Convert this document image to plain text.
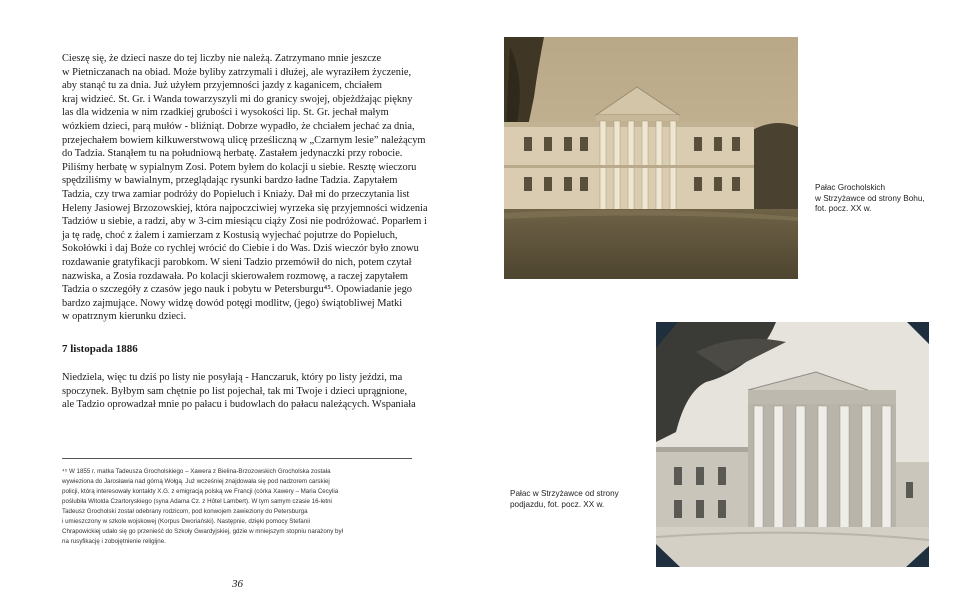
Cieszę się, że dzieci nasze do tej liczby nie należą. Zatrzymano mnie jeszcze
w Pietniczanach na obiad. Może byliby zatrzymali i dłużej, ale wyraziłem życzenie,
aby stanąć tu za dnia. Już użyłem przyjemności jazdy z kaganicem, chciałem
kraj widzieć. St. Gr. i Wanda towarzyszyli mi do granicy swojej, objeżdżając piękny
las dla widzenia w nim rzadkiej grubości i wysokości lip. St. Gr. jechał małym
wózkiem dzieci, parą mułów - bliźniąt. Dobrze wypadło, że chciałem jechać za dnia,
przejechałem bowiem kilkuwerstwową ulicę prześliczną w „Czarnym lesie” należącym
do Tadzia. Stanąłem tu na południową herbatę. Zastałem jedynaczki przy robocie.
Piliśmy herbatę w sypialnym Zosi. Potem byłem do kolacji u siebie. Resztę wieczoru
spędziliśmy w bawialnym, przeglądając rysunki bardzo ładne Tadzia. Zapytałem
Tadzia, czy trwa zamiar podróży do Popieluch i Kniaży. Dał mi do przeczytania list
Heleny Jasiowej Brzozowskiej, która najpoczciwiej wyrzeka się przyjemności widzenia
Tadziów u siebie, a radzi, aby w 3-cim miesiącu ciąży Zosi nie podróżować. Poparłem i
ja tę radę, choć z żalem i zamierzam z Kostusią wyjechać pojutrze do Popieluch,
Sokołówki i daj Boże co rychlej wrócić do Ciebie i do Was. Dziś wieczór było znowu
rozdawanie gratyfikacji parobkom. W sieni Tadzio przemówił do nich, potem czytał
nazwiska, a Zosia rozdawała. Po kolacji skierowałem rozmowę, a raczej zapytałem
Tadzia o szczegóły z czasów jego nauk i pobytu w Petersburgu⁴⁵. Opowiadanie jego
bardzo zajmujące. Nowy widzę dowód potęgi modlitw, (jego) świątobliwej Matki
w opatrznym kierunku dzieci.
7 listopada 1886
Niedziela, więc tu dziś po listy nie posyłają - Hanczaruk, który po listy jeździ, ma
spoczynek. Byłbym sam chętnie po list pojechał, tak mi Twoje i dzieci uprągnione,
ale Tadzio oprowadzał mnie po pałacu i budowlach do pałacu należących. Wspaniała
⁴⁵ W 1855 r. matka Tadeusza Grocholskiego – Xawera z Bielina-Brzozowskich Grocholska została
wywieziona do Jarosławia nad górną Wołgą. Już wcześniej znajdowała się pod nadzorem carskiej
policji, którą interesowały kontakty X.G. z emigracją polską we Francji (córka Xawery – Maria Cecylia
poślubiła Witolda Czartoryskiego (syna Adama Cz. z Hôtel Lambert). W tym samym czasie 16-letni
Tadeusz Grocholski został odebrany rodzicom, pod konwojem zawieziony do Petersburga
i umieszczony w szkole wojskowej (Korpus Dworiański). Następnie, dzięki pomocy Stefanii
Chrapowickiej udało się go przenieść do Szkoły Gwardyjskiej, gdzie w mniejszym stopniu narażony był
na rusyfikację i zobojętnienie religijne.
36
Pałac Grocholskich
w Strzyżawce od strony Bohu,
fot. pocz. XX w.
Pałac w Strzyżawce od strony
podjazdu, fot. pocz. XX w.
